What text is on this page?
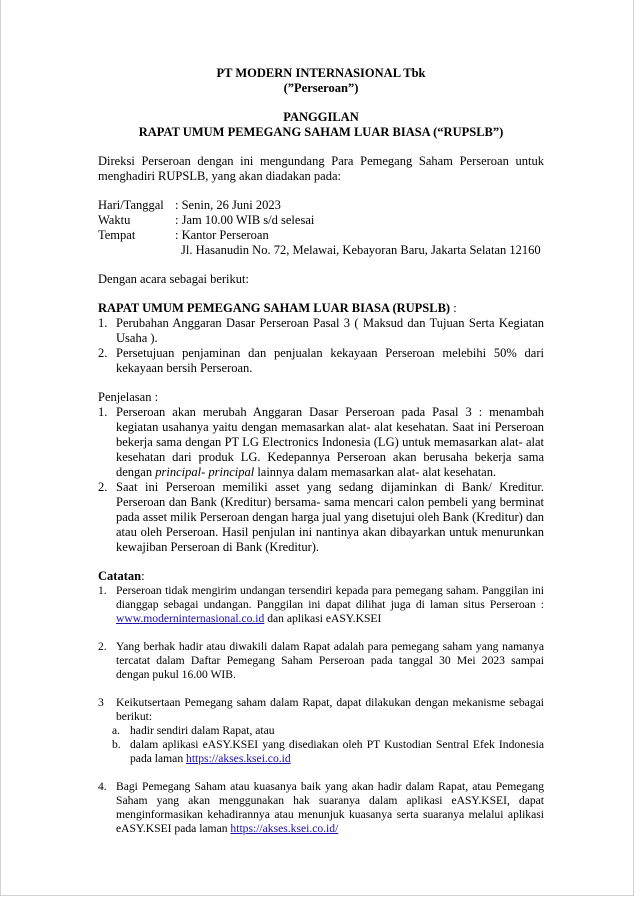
PT MODERN INTERNASIONAL Tbk
(”Perseroan”)
PANGGILAN
RAPAT UMUM PEMEGANG SAHAM LUAR BIASA (“RUPSLB”)
Direksi Perseroan dengan ini mengundang Para Pemegang Saham Perseroan untuk menghadiri RUPSLB, yang akan diadakan pada:
Hari/Tanggal : Senin, 26 Juni 2023
Waktu	: Jam 10.00 WIB s/d selesai
Tempat	: Kantor Perseroan
Jl. Hasanudin No. 72, Melawai, Kebayoran Baru, Jakarta Selatan 12160
Dengan acara sebagai berikut:
RAPAT UMUM PEMEGANG SAHAM LUAR BIASA (RUPSLB) :
1. Perubahan Anggaran Dasar Perseroan Pasal 3 ( Maksud dan Tujuan Serta Kegiatan Usaha ).
2. Persetujuan penjaminan dan penjualan kekayaan Perseroan melebihi 50% dari kekayaan bersih Perseroan.
Penjelasan :
1. Perseroan akan merubah Anggaran Dasar Perseroan pada Pasal 3 : menambah kegiatan usahanya yaitu dengan memasarkan alat- alat kesehatan. Saat ini Perseroan bekerja sama dengan PT LG Electronics Indonesia (LG) untuk memasarkan alat- alat kesehatan dari produk LG. Kedepannya Perseroan akan berusaha bekerja sama dengan principal- principal lainnya dalam memasarkan alat- alat kesehatan.
2. Saat ini Perseroan memiliki asset yang sedang dijaminkan di Bank/ Kreditur. Perseroan dan Bank (Kreditur) bersama- sama mencari calon pembeli yang berminat pada asset milik Perseroan dengan harga jual yang disetujui oleh Bank (Kreditur) dan atau oleh Perseroan. Hasil penjulan ini nantinya akan dibayarkan untuk menurunkan kewajiban Perseroan di Bank (Kreditur).
Catatan:
1. Perseroan tidak mengirim undangan tersendiri kepada para pemegang saham. Panggilan ini dianggap sebagai undangan. Panggilan ini dapat dilihat juga di laman situs Perseroan : www.moderninternasional.co.id dan aplikasi eASY.KSEI
2. Yang berhak hadir atau diwakili dalam Rapat adalah para pemegang saham yang namanya tercatat dalam Daftar Pemegang Saham Perseroan pada tanggal 30 Mei 2023 sampai dengan pukul 16.00 WIB.
3	Keikutsertaan Pemegang saham dalam Rapat, dapat dilakukan dengan mekanisme sebagai berikut:
a. hadir sendiri dalam Rapat, atau
b. dalam aplikasi eASY.KSEI yang disediakan oleh PT Kustodian Sentral Efek Indonesia pada laman https://akses.ksei.co.id
4. Bagi Pemegang Saham atau kuasanya baik yang akan hadir dalam Rapat, atau Pemegang Saham yang akan menggunakan hak suaranya dalam aplikasi eASY.KSEI, dapat menginformasikan kehadirannya atau menunjuk kuasanya serta suaranya melalui aplikasi eASY.KSEI pada laman https://akses.ksei.co.id/
